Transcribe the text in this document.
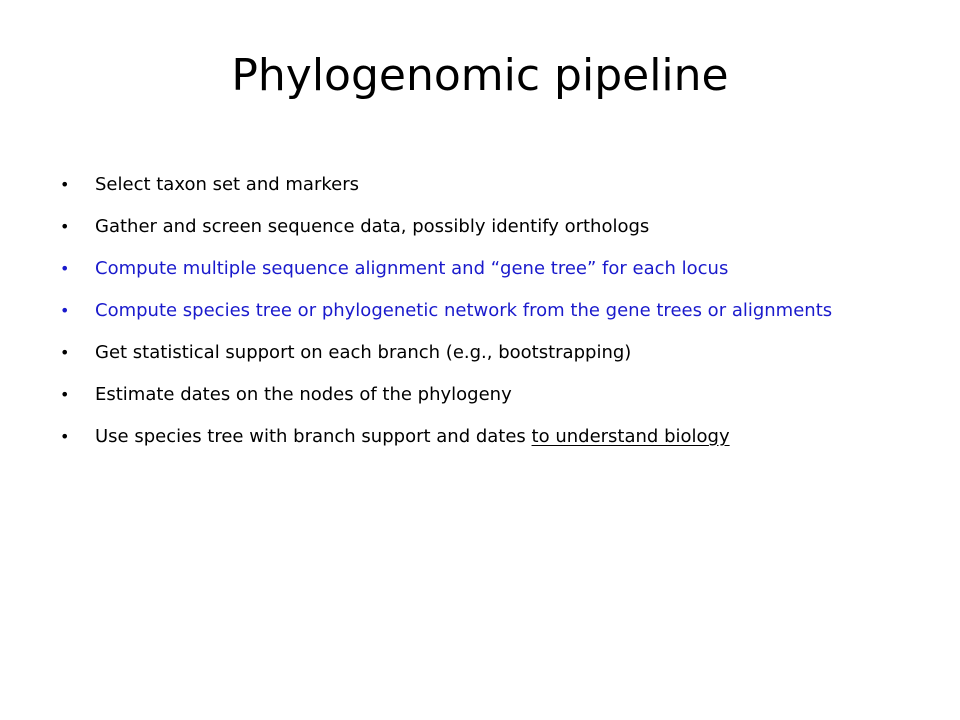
Phylogenomic pipeline
• Select taxon set and markers
• Gather and screen sequence data, possibly identify orthologs
• Compute multiple sequence alignment and “gene tree” for each locus
• Compute species tree or phylogenetic network from the gene trees or alignments
• Get statistical support on each branch (e.g., bootstrapping)
• Estimate dates on the nodes of the phylogeny
• Use species tree with branch support and dates to understand biology
